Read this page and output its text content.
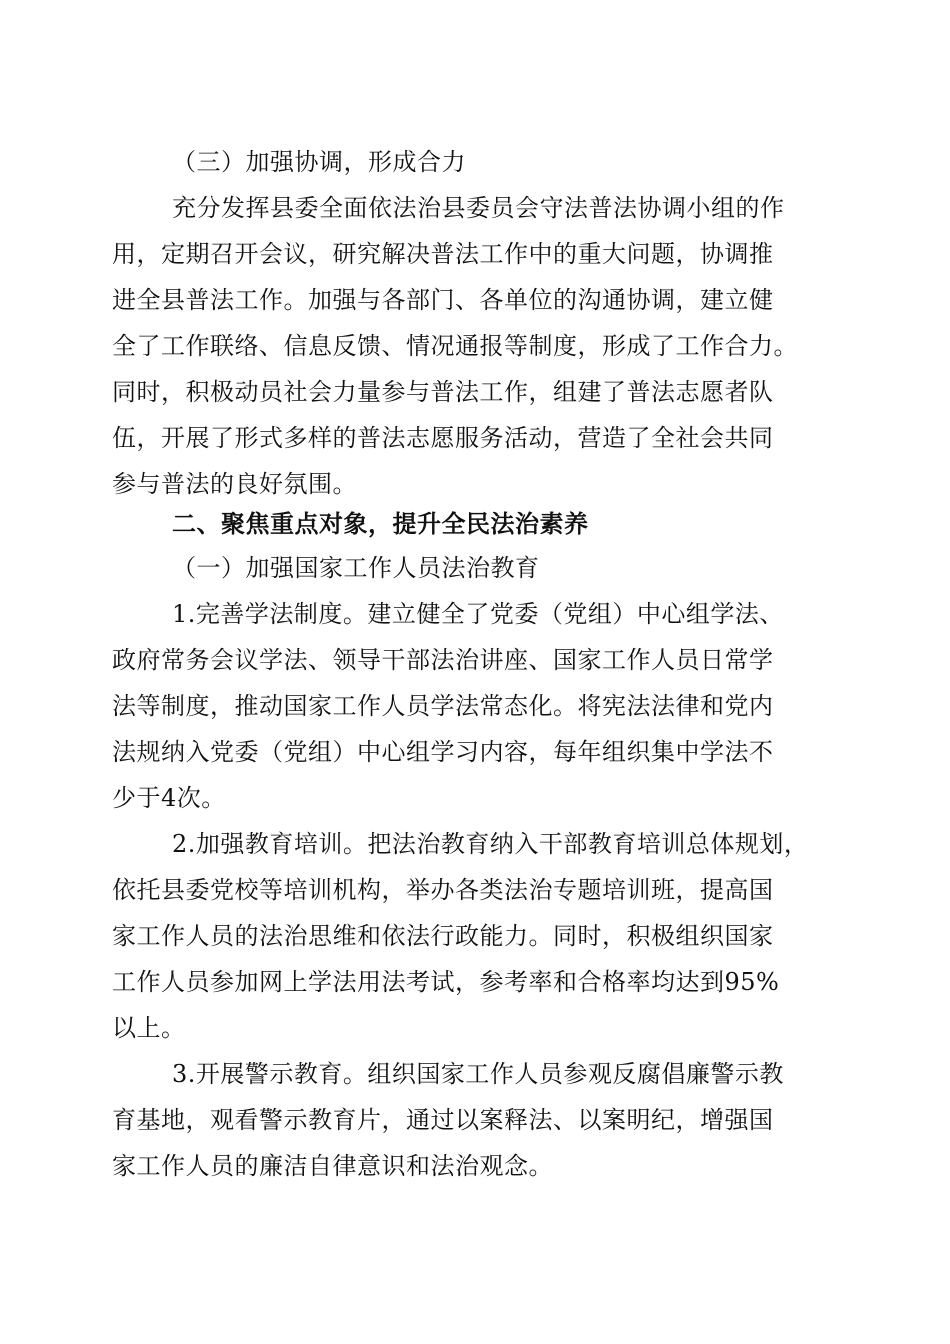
（三）加强协调，形成合力
充分发挥县委全面依法治县委员会守法普法协调小组的作
用，定期召开会议，研究解决普法工作中的重大问题，协调推
进全县普法工作。加强与各部门、各单位的沟通协调，建立健
全了工作联络、信息反馈、情况通报等制度，形成了工作合力。
同时，积极动员社会力量参与普法工作，组建了普法志愿者队
伍，开展了形式多样的普法志愿服务活动，营造了全社会共同
参与普法的良好氛围。
二、聚焦重点对象，提升全民法治素养
（一）加强国家工作人员法治教育
1.完善学法制度。建立健全了党委（党组）中心组学法、
政府常务会议学法、领导干部法治讲座、国家工作人员日常学
法等制度，推动国家工作人员学法常态化。将宪法法律和党内
法规纳入党委（党组）中心组学习内容，每年组织集中学法不
少于4次。
2.加强教育培训。把法治教育纳入干部教育培训总体规划，
依托县委党校等培训机构，举办各类法治专题培训班，提高国
家工作人员的法治思维和依法行政能力。同时，积极组织国家
工作人员参加网上学法用法考试，参考率和合格率均达到95%
以上。
3.开展警示教育。组织国家工作人员参观反腐倡廉警示教
育基地，观看警示教育片，通过以案释法、以案明纪，增强国
家工作人员的廉洁自律意识和法治观念。
